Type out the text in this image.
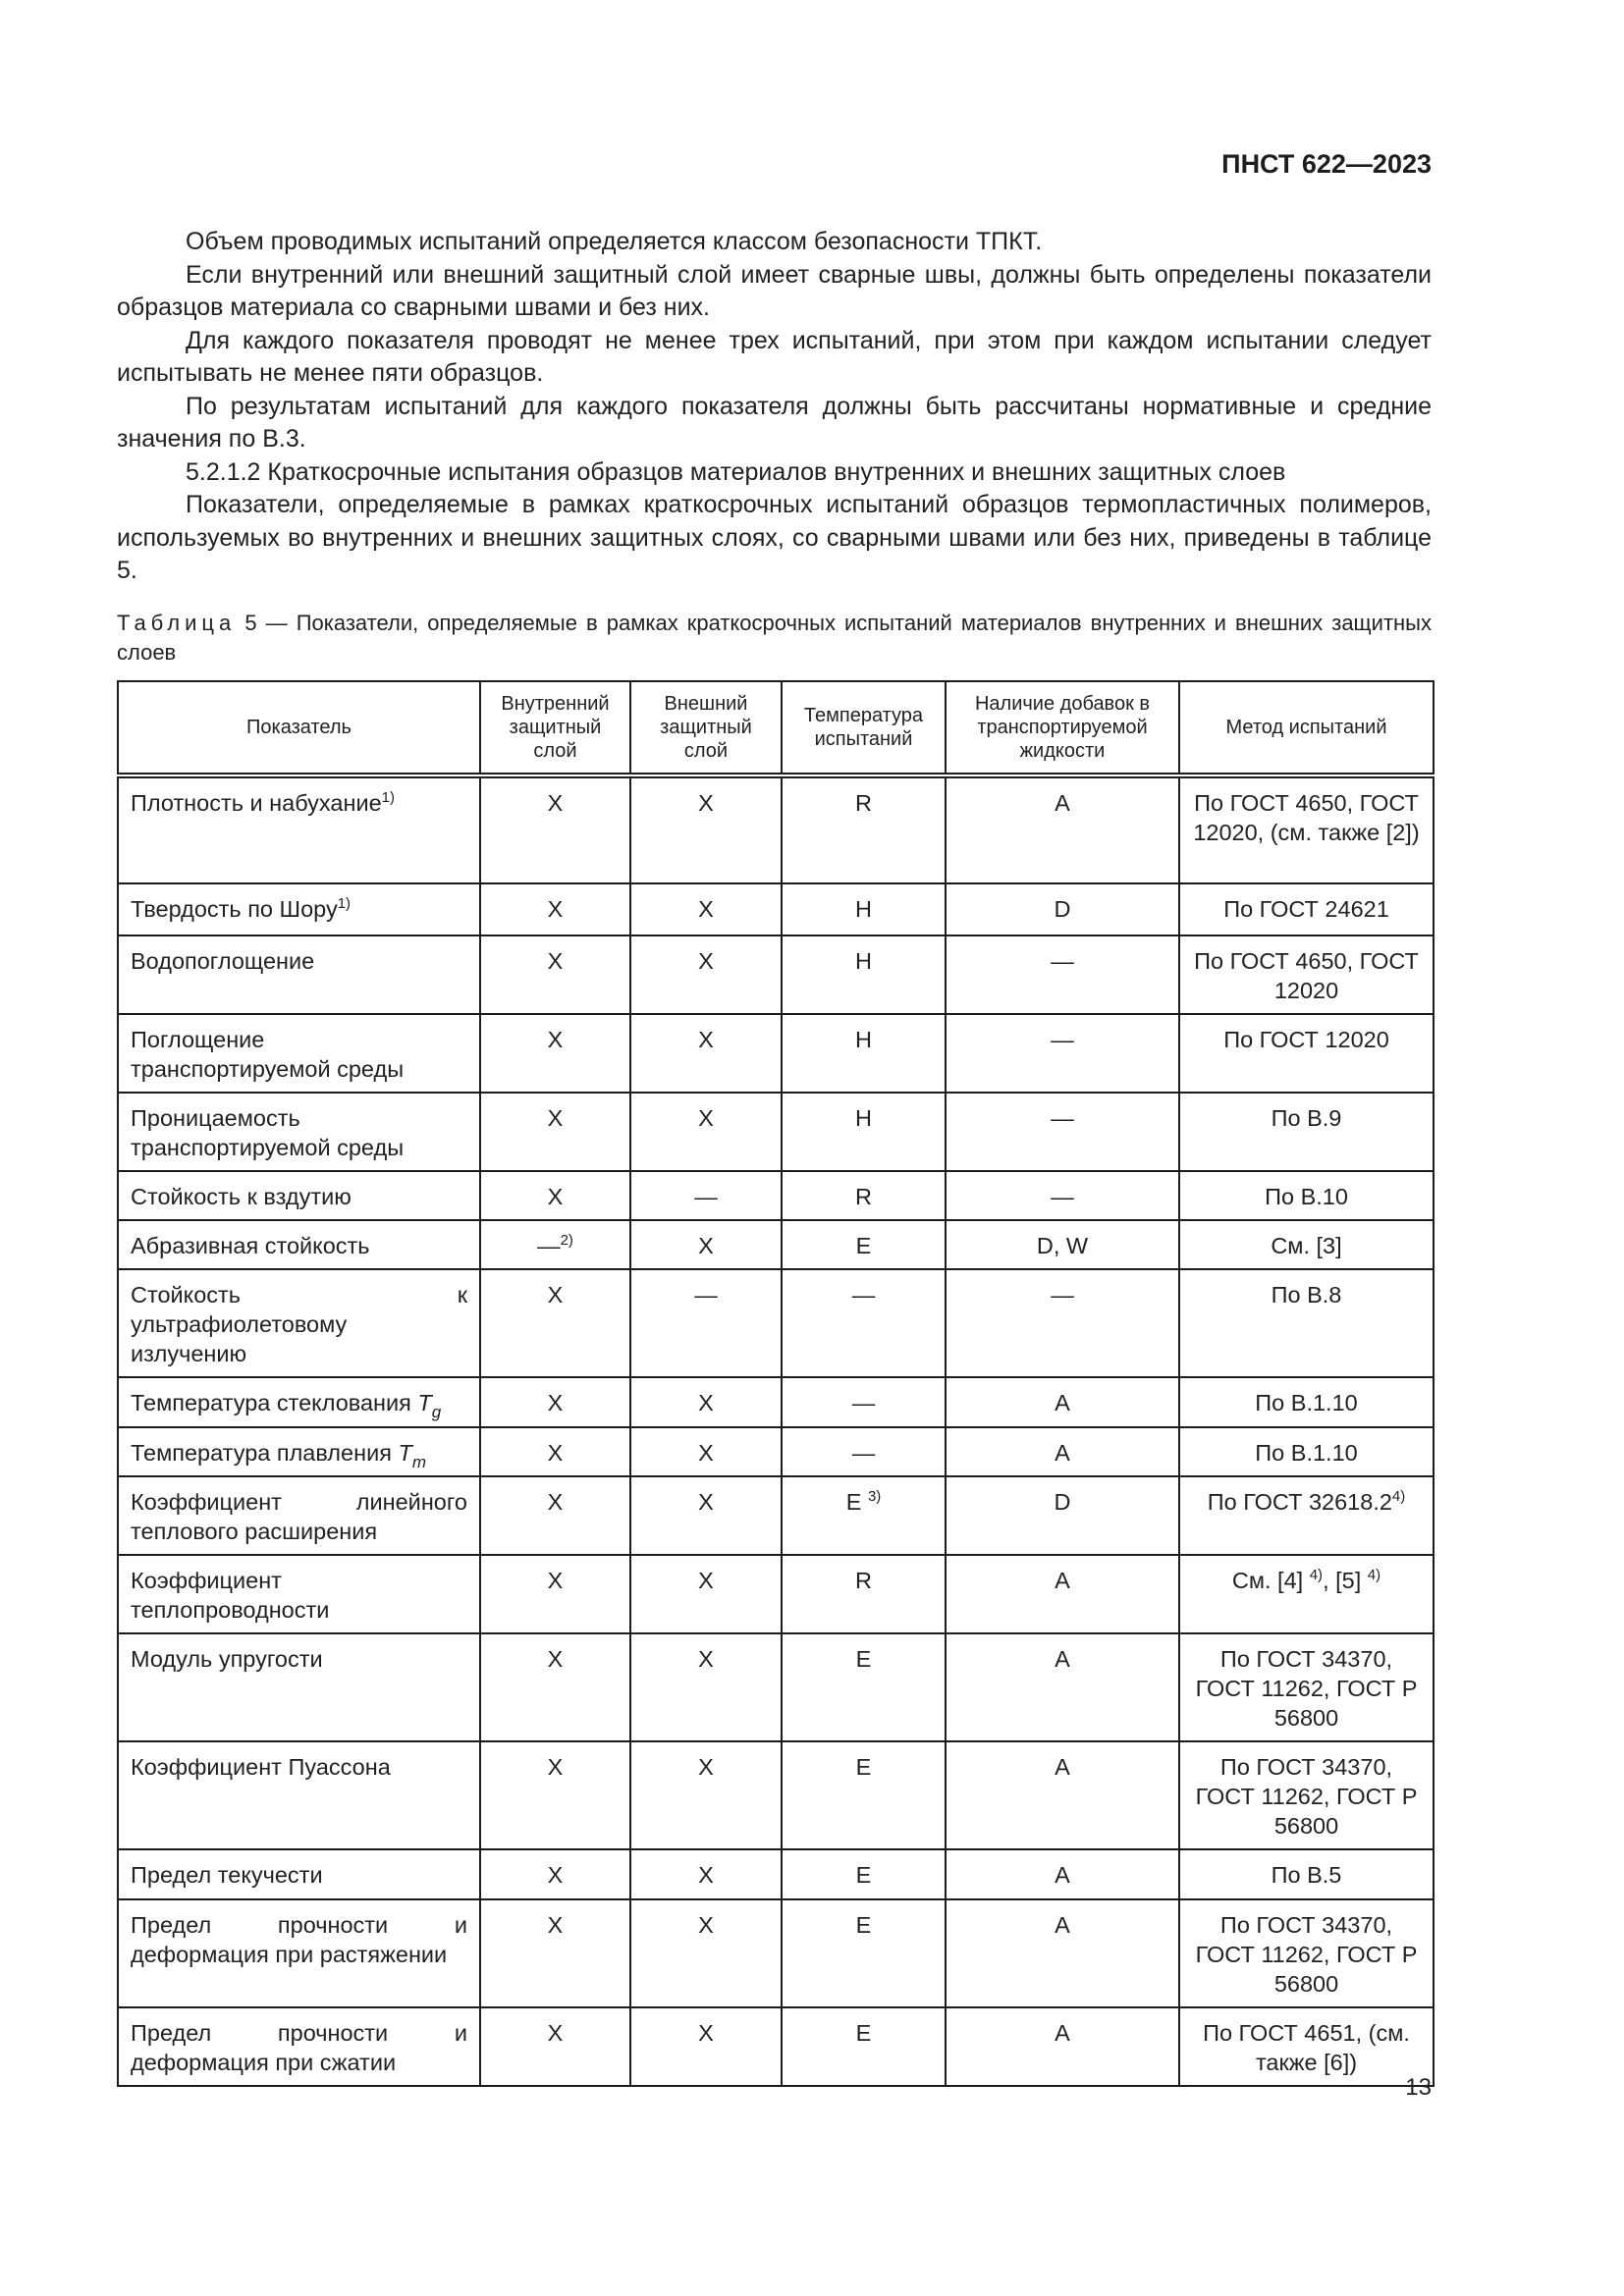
ПНСТ 622—2023

Объем проводимых испытаний определяется классом безопасности ТПКТ.

Если внутренний или внешний защитный слой имеет сварные швы, должны быть определены показатели образцов материала со сварными швами и без них.

Для каждого показателя проводят не менее трех испытаний, при этом при каждом испытании следует испытывать не менее пяти образцов.

По результатам испытаний для каждого показателя должны быть рассчитаны нормативные и средние значения по В.3.

5.2.1.2 Краткосрочные испытания образцов материалов внутренних и внешних защитных слоев

Показатели, определяемые в рамках краткосрочных испытаний образцов термопластичных полимеров, используемых во внутренних и внешних защитных слоях, со сварными швами или без них, приведены в таблице 5.

Таблица 5 — Показатели, определяемые в рамках краткосрочных испытаний материалов внутренних и внешних защитных слоев
Показатель	Внутренний защитный слой	Внешний защитный слой	Температура испытаний	Наличие добавок в транспортируемой жидкости	Метод испытаний
Плотность и набухание$^{1)}$	X	X	R	A	По ГОСТ 4650, ГОСТ 12020, (см. также [2])
Твердость по Шору$^{1)}$	X	X	H	D	По ГОСТ 24621
Водопоглощение	X	X	H	—	По ГОСТ 4650, ГОСТ 12020
Поглощение транспортируемой среды	X	X	H	—	По ГОСТ 12020
Проницаемость транспортируемой среды	X	X	H	—	По В.9
Стойкость к вздутию	X	—	R	—	По В.10
Абразивная стойкость	—$^{2)}$	X	E	D, W	См. [3]
Стойкость к ультрафиолетовому излучению	X	—	—	—	По В.8
Температура стеклования $T_g$	X	X	—	A	По В.1.10
Температура плавления $T_m$	X	X	—	A	По В.1.10
Коэффициент линейного теплового расширения	X	X	E $^{3)}$	D	По ГОСТ 32618.2$^{4)}$
Коэффициент теплопроводности	X	X	R	A	См. [4] $^{4)}$, [5] $^{4)}$
Модуль упругости	X	X	E	A	По ГОСТ 34370, ГОСТ 11262, ГОСТ Р 56800
Коэффициент Пуассона	X	X	E	A	По ГОСТ 34370, ГОСТ 11262, ГОСТ Р 56800
Предел текучести	X	X	E	A	По В.5
Предел прочности и деформация при растяжении	X	X	E	A	По ГОСТ 34370, ГОСТ 11262, ГОСТ Р 56800
Предел прочности и деформация при сжатии	X	X	E	A	По ГОСТ 4651, (см. также [6])
13
